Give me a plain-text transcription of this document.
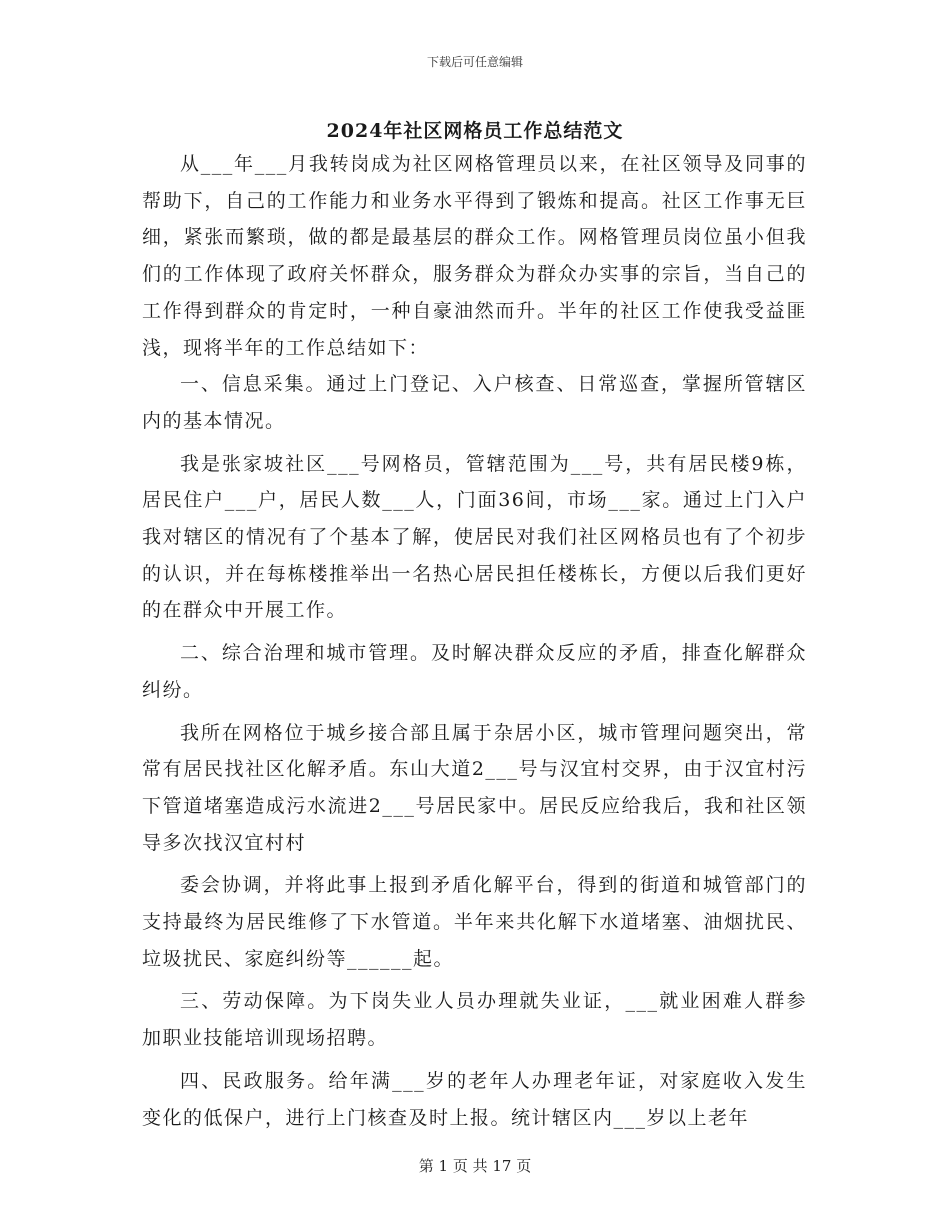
下载后可任意编辑
2024年社区网格员工作总结范文

从___年___月我转岗成为社区网格管理员以来，在社区领导及同事的帮助下，自己的工作能力和业务水平得到了锻炼和提高。社区工作事无巨细，紧张而繁琐，做的都是最基层的群众工作。网格管理员岗位虽小但我们的工作体现了政府关怀群众，服务群众为群众办实事的宗旨，当自己的工作得到群众的肯定时，一种自豪油然而升。半年的社区工作使我受益匪浅，现将半年的工作总结如下：

一、信息采集。通过上门登记、入户核查、日常巡查，掌握所管辖区内的基本情况。

我是张家坡社区___号网格员，管辖范围为___号，共有居民楼9栋，居民住户___户，居民人数___人，门面36间，市场___家。通过上门入户我对辖区的情况有了个基本了解，使居民对我们社区网格员也有了个初步的认识，并在每栋楼推举出一名热心居民担任楼栋长，方便以后我们更好的在群众中开展工作。

二、综合治理和城市管理。及时解决群众反应的矛盾，排查化解群众纠纷。

我所在网格位于城乡接合部且属于杂居小区，城市管理问题突出，常常有居民找社区化解矛盾。东山大道2___号与汉宜村交界，由于汉宜村污下管道堵塞造成污水流进2___号居民家中。居民反应给我后，我和社区领导多次找汉宜村村

委会协调，并将此事上报到矛盾化解平台，得到的街道和城管部门的支持最终为居民维修了下水管道。半年来共化解下水道堵塞、油烟扰民、垃圾扰民、家庭纠纷等______起。

三、劳动保障。为下岗失业人员办理就失业证，___就业困难人群参加职业技能培训现场招聘。

四、民政服务。给年满___岁的老年人办理老年证，对家庭收入发生变化的低保户，进行上门核查及时上报。统计辖区内___岁以上老年

第 1 页 共 17 页
